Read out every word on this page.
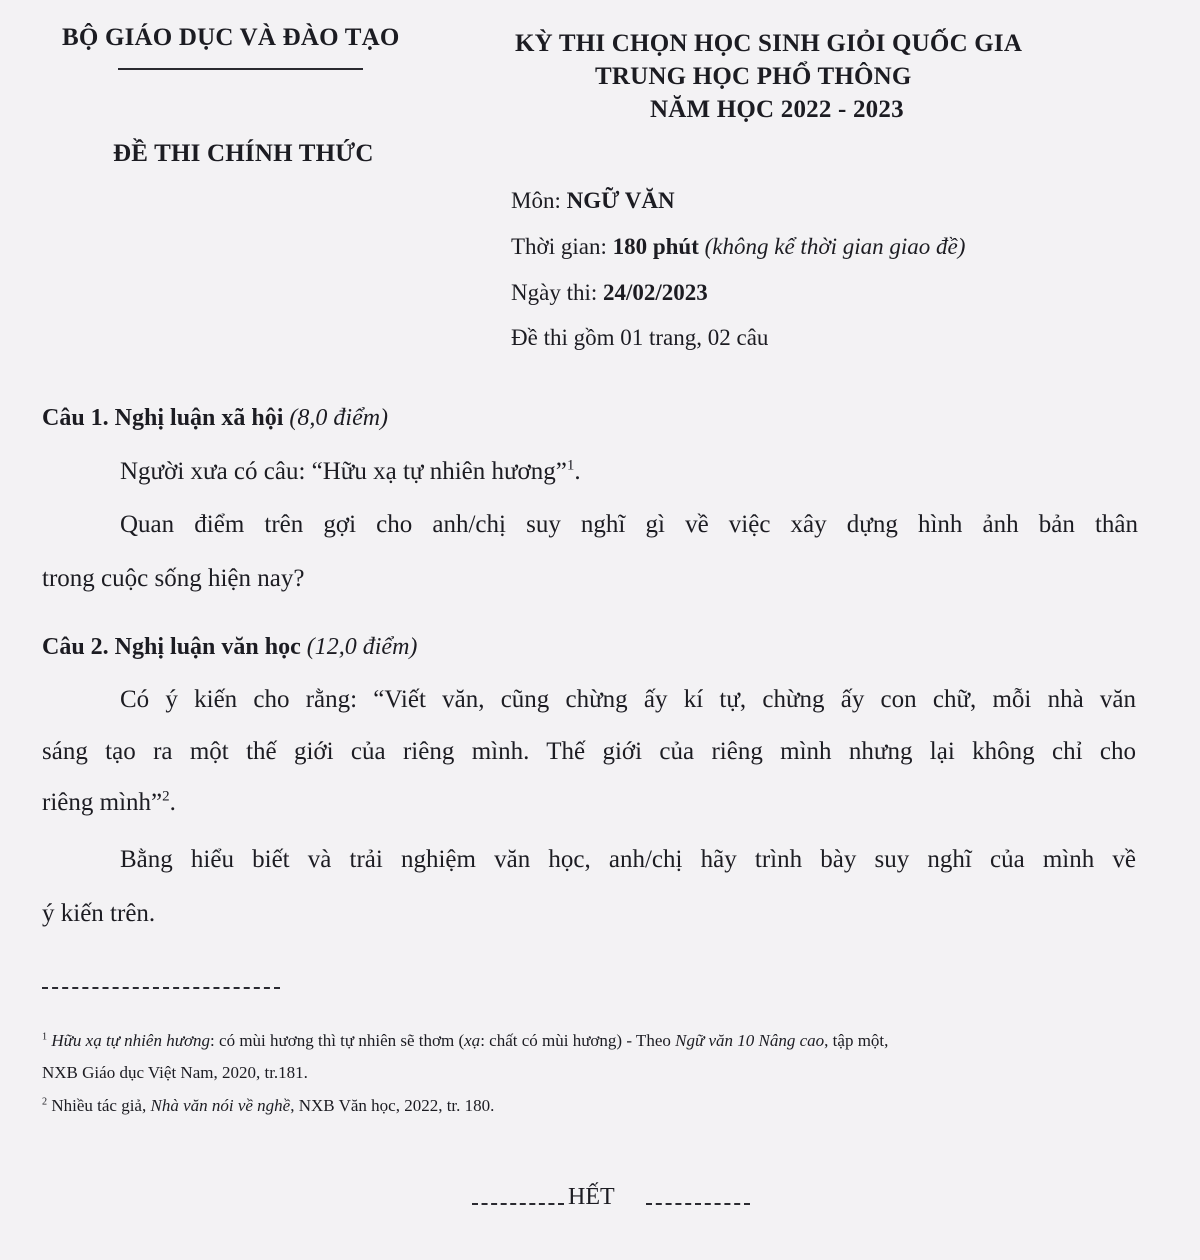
BỘ GIÁO DỤC VÀ ĐÀO TẠO
ĐỀ THI CHÍNH THỨC
KỲ THI CHỌN HỌC SINH GIỎI QUỐC GIA
TRUNG HỌC PHỔ THÔNG
NĂM HỌC 2022 - 2023
Môn: NGỮ VĂN
Thời gian: 180 phút (không kể thời gian giao đề)
Ngày thi: 24/02/2023
Đề thi gồm 01 trang, 02 câu
Câu 1. Nghị luận xã hội (8,0 điểm)
Người xưa có câu: “Hữu xạ tự nhiên hương”$^1$.
Quan điểm trên gợi cho anh/chị suy nghĩ gì về việc xây dựng hình ảnh bản thân
trong cuộc sống hiện nay?
Câu 2. Nghị luận văn học (12,0 điểm)
Có ý kiến cho rằng: “Viết văn, cũng chừng ấy kí tự, chừng ấy con chữ, mỗi nhà văn
sáng tạo ra một thế giới của riêng mình. Thế giới của riêng mình nhưng lại không chỉ cho
riêng mình”$^2$.
Bằng hiểu biết và trải nghiệm văn học, anh/chị hãy trình bày suy nghĩ của mình về
ý kiến trên.
$^1$ Hữu xạ tự nhiên hương: có mùi hương thì tự nhiên sẽ thơm (xạ: chất có mùi hương) - Theo Ngữ văn 10 Nâng cao, tập một,
NXB Giáo dục Việt Nam, 2020, tr.181.
$^2$ Nhiều tác giả, Nhà văn nói về nghề, NXB Văn học, 2022, tr. 180.
HẾT
